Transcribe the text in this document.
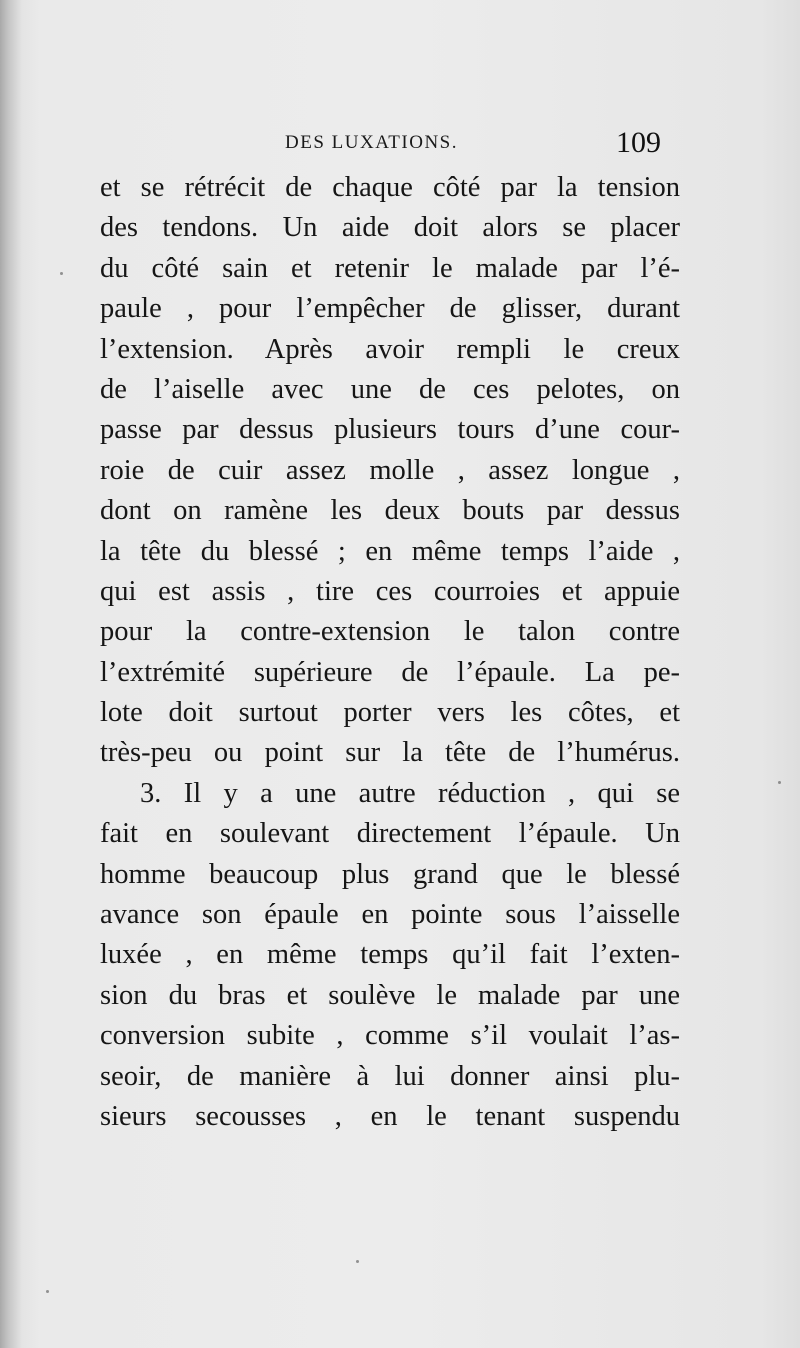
DES LUXATIONS.	109
et se rétrécit de chaque côté par la tension
des tendons. Un aide doit alors se placer
du côté sain et retenir le malade par l’é-
paule , pour l’empêcher de glisser, durant
l’extension. Après avoir rempli le creux
de l’aiselle avec une de ces pelotes, on
passe par dessus plusieurs tours d’une cour-
roie de cuir assez molle , assez longue ,
dont on ramène les deux bouts par dessus
la tête du blessé ; en même temps l’aide ,
qui est assis , tire ces courroies et appuie
pour la contre-extension le talon contre
l’extrémité supérieure de l’épaule. La pe-
lote doit surtout porter vers les côtes, et
très-peu ou point sur la tête de l’humérus.
3. Il y a une autre réduction , qui se
fait en soulevant directement l’épaule. Un
homme beaucoup plus grand que le blessé
avance son épaule en pointe sous l’aisselle
luxée , en même temps qu’il fait l’exten-
sion du bras et soulève le malade par une
conversion subite , comme s’il voulait l’as-
seoir, de manière à lui donner ainsi plu-
sieurs secousses , en le tenant suspendu
